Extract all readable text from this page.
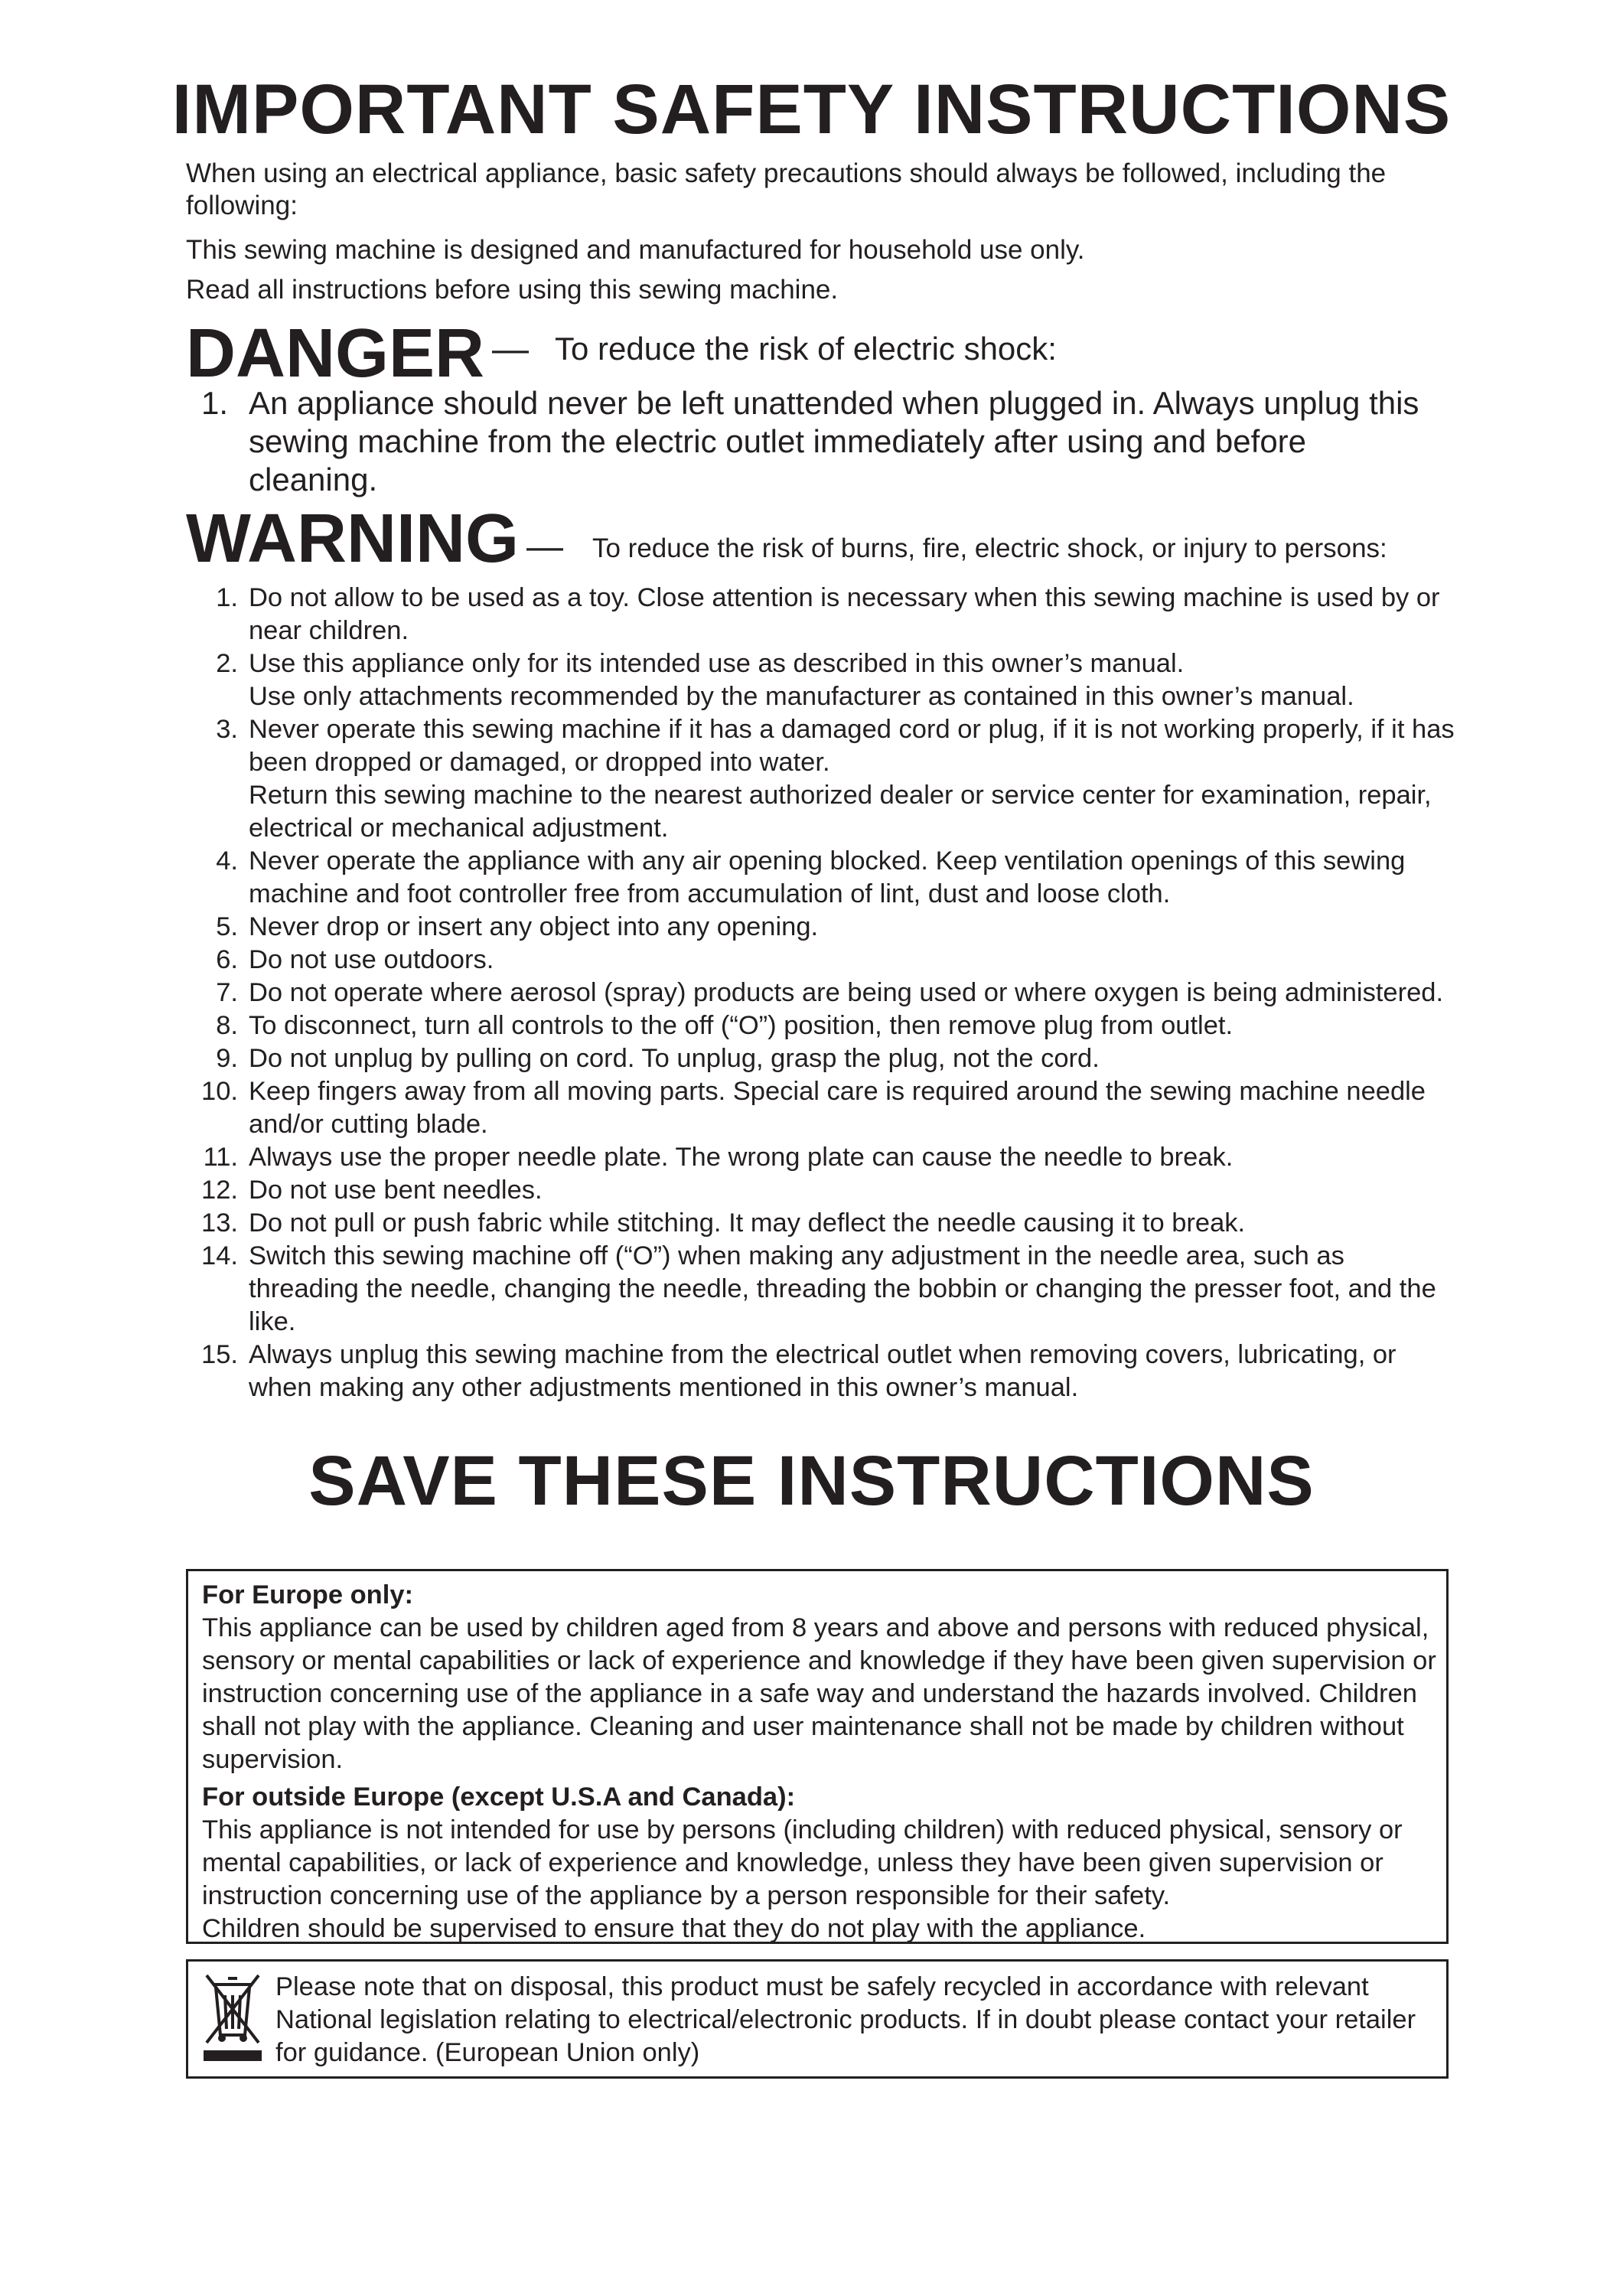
IMPORTANT SAFETY INSTRUCTIONS

When using an electrical appliance, basic safety precautions should always be followed, including the following:

This sewing machine is designed and manufactured for household use only.

Read all instructions before using this sewing machine.

DANGER — To reduce the risk of electric shock:
1. An appliance should never be left unattended when plugged in. Always unplug this sewing machine from the electric outlet immediately after using and before cleaning.
WARNING — To reduce the risk of burns, fire, electric shock, or injury to persons:
1. Do not allow to be used as a toy. Close attention is necessary when this sewing machine is used by or near children.
2. Use this appliance only for its intended use as described in this owner’s manual.
Use only attachments recommended by the manufacturer as contained in this owner’s manual.
3. Never operate this sewing machine if it has a damaged cord or plug, if it is not working properly, if it has been dropped or damaged, or dropped into water.
Return this sewing machine to the nearest authorized dealer or service center for examination, repair, electrical or mechanical adjustment.
4. Never operate the appliance with any air opening blocked. Keep ventilation openings of this sewing machine and foot controller free from accumulation of lint, dust and loose cloth.
5. Never drop or insert any object into any opening.
6. Do not use outdoors.
7. Do not operate where aerosol (spray) products are being used or where oxygen is being administered.
8. To disconnect, turn all controls to the off (“O”) position, then remove plug from outlet.
9. Do not unplug by pulling on cord. To unplug, grasp the plug, not the cord.
10. Keep fingers away from all moving parts. Special care is required around the sewing machine needle and/or cutting blade.
11. Always use the proper needle plate. The wrong plate can cause the needle to break.
12. Do not use bent needles.
13. Do not pull or push fabric while stitching. It may deflect the needle causing it to break.
14. Switch this sewing machine off (“O”) when making any adjustment in the needle area, such as threading the needle, changing the needle, threading the bobbin or changing the presser foot, and the like.
15. Always unplug this sewing machine from the electrical outlet when removing covers, lubricating, or when making any other adjustments mentioned in this owner’s manual.
SAVE THESE INSTRUCTIONS

For Europe only:

This appliance can be used by children aged from 8 years and above and persons with reduced physical, sensory or mental capabilities or lack of experience and knowledge if they have been given supervision or instruction concerning use of the appliance in a safe way and understand the hazards involved. Children shall not play with the appliance. Cleaning and user maintenance shall not be made by children without supervision.

For outside Europe (except U.S.A and Canada):

This appliance is not intended for use by persons (including children) with reduced physical, sensory or mental capabilities, or lack of experience and knowledge, unless they have been given supervision or instruction concerning use of the appliance by a person responsible for their safety.

Children should be supervised to ensure that they do not play with the appliance.

Please note that on disposal, this product must be safely recycled in accordance with relevant National legislation relating to electrical/electronic products. If in doubt please contact your retailer for guidance. (European Union only)
